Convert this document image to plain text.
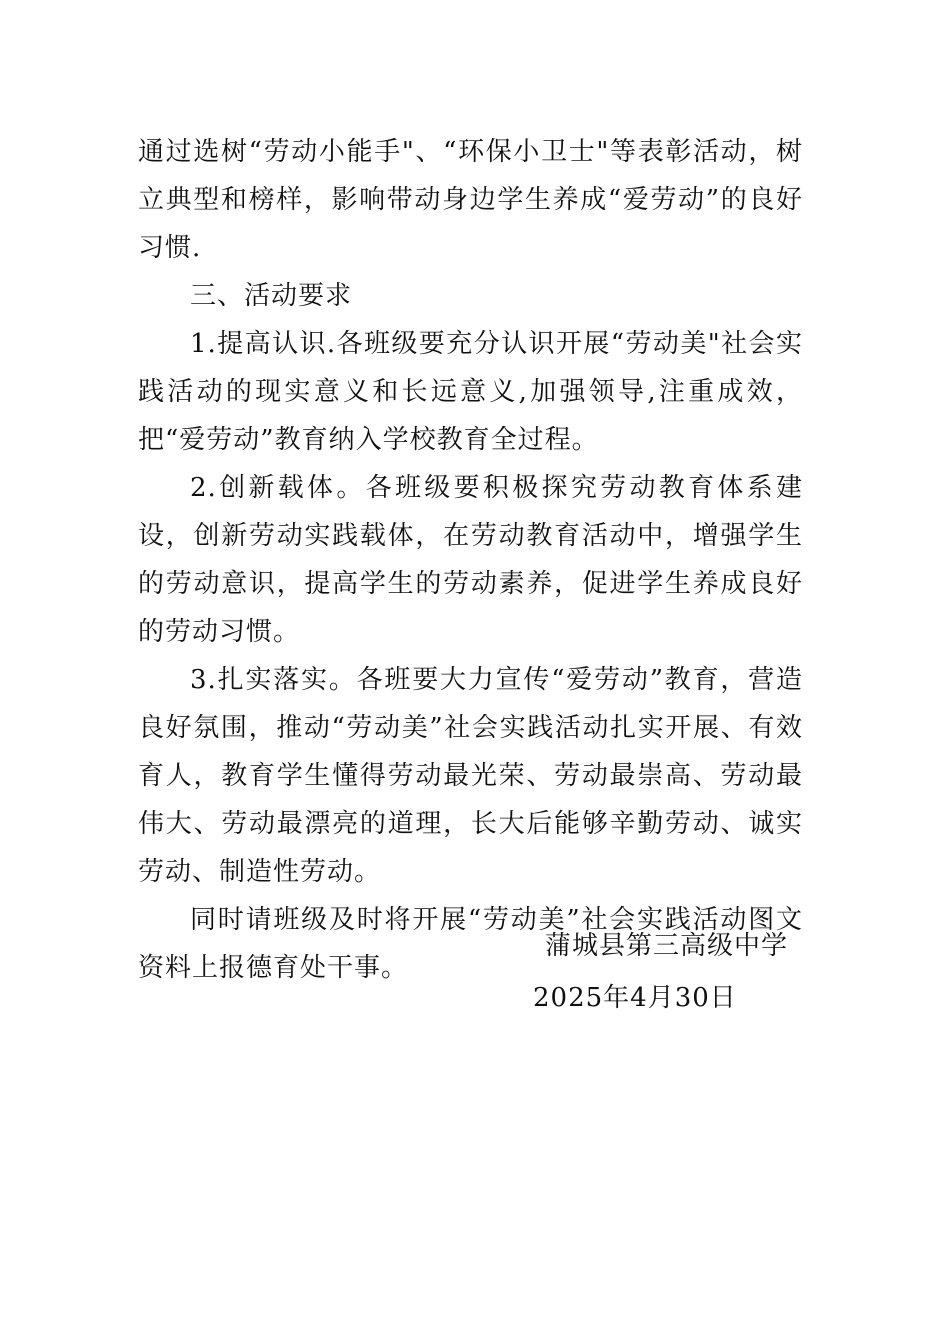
通过选树“劳动小能手"、“环保小卫士"等表彰活动，树立典型和榜样，影响带动身边学生养成“爱劳动”的良好习惯.

三、活动要求

1.提高认识.各班级要充分认识开展“劳动美"社会实践活动的现实意义和长远意义,加强领导,注重成效，把“爱劳动”教育纳入学校教育全过程。

2.创新载体。各班级要积极探究劳动教育体系建设，创新劳动实践载体，在劳动教育活动中，增强学生的劳动意识，提高学生的劳动素养，促进学生养成良好的劳动习惯。

3.扎实落实。各班要大力宣传“爱劳动”教育，营造良好氛围，推动“劳动美”社会实践活动扎实开展、有效育人，教育学生懂得劳动最光荣、劳动最崇高、劳动最伟大、劳动最漂亮的道理，长大后能够辛勤劳动、诚实劳动、制造性劳动。

同时请班级及时将开展“劳动美”社会实践活动图文资料上报德育处干事。

蒲城县第三高级中学

2025年4月30日
